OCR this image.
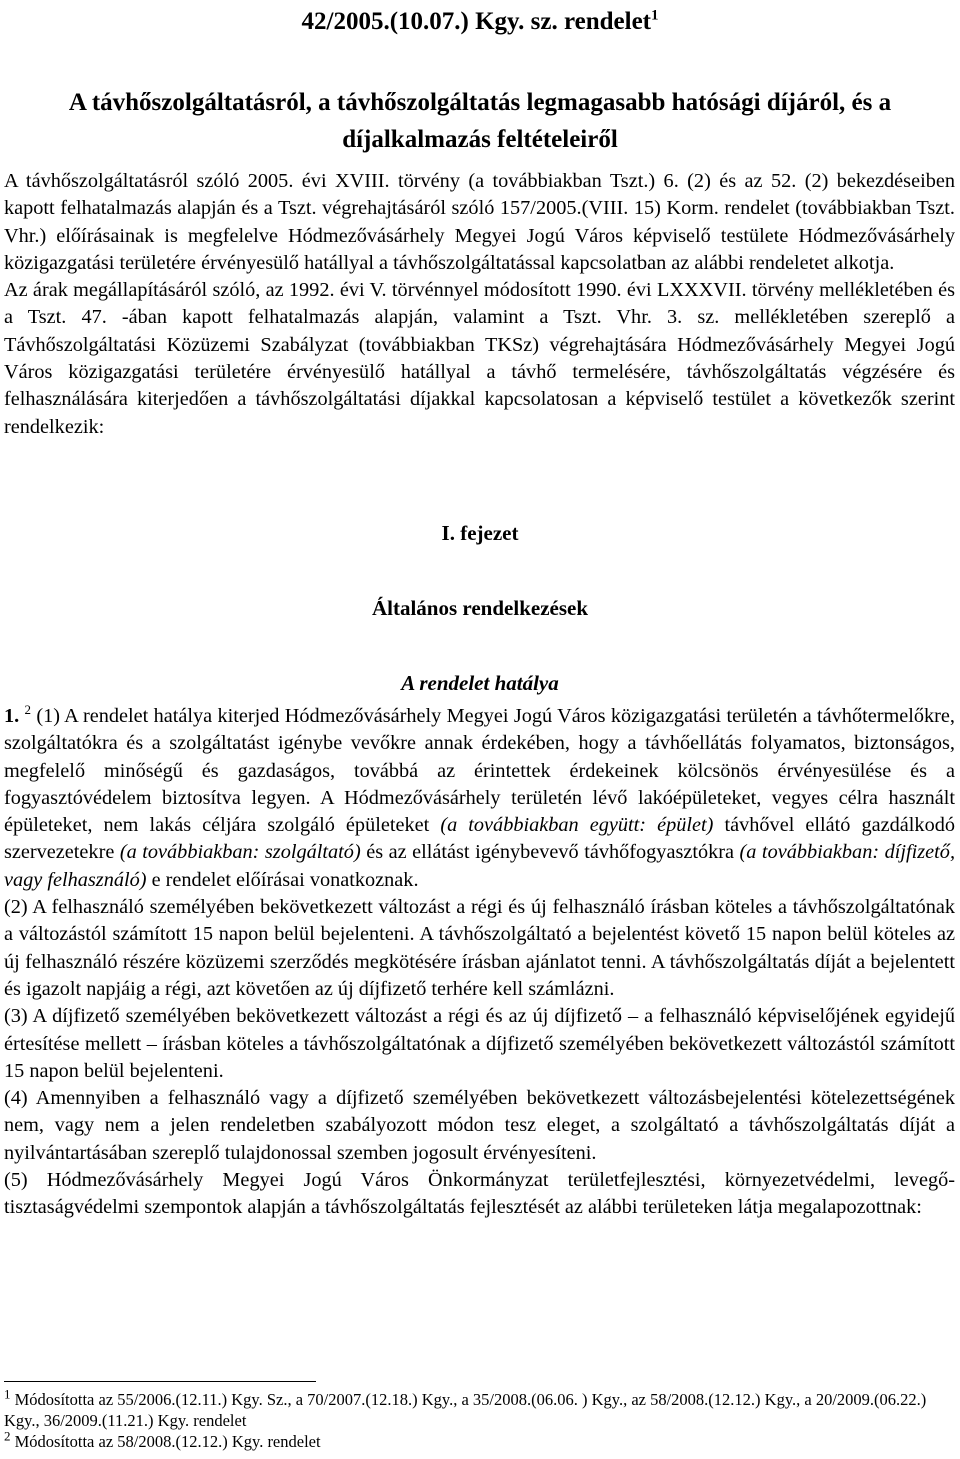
42/2005.(10.07.) Kgy. sz. rendelet$^1$
A távhőszolgáltatásról, a távhőszolgáltatás legmagasabb hatósági díjáról, és a díjalkalmazás feltételeiről

A távhőszolgáltatásról szóló 2005. évi XVIII. törvény (a továbbiakban Tszt.) 6. (2) és az 52. (2) bekezdéseiben kapott felhatalmazás alapján és a Tszt. végrehajtásáról szóló 157/2005.(VIII. 15) Korm. rendelet (továbbiakban Tszt. Vhr.) előírásainak is megfelelve Hódmezővásárhely Megyei Jogú Város képviselő testülete Hódmezővásárhely közigazgatási területére érvényesülő hatállyal a távhőszolgáltatással kapcsolatban az alábbi rendeletet alkotja.

Az árak megállapításáról szóló, az 1992. évi V. törvénnyel módosított 1990. évi LXXXVII. törvény mellékletében és a Tszt. 47. -ában kapott felhatalmazás alapján, valamint a Tszt. Vhr. 3. sz. mellékletében szereplő a Távhőszolgáltatási Közüzemi Szabályzat (továbbiakban TKSz) végrehajtására Hódmezővásárhely Megyei Jogú Város közigazgatási területére érvényesülő hatállyal a távhő termelésére, távhőszolgáltatás végzésére és felhasználására kiterjedően a távhőszolgáltatási díjakkal kapcsolatosan a képviselő testület a következők szerint rendelkezik:

I. fejezet
Általános rendelkezések
A rendelet hatálya

1. $^2$ (1) A rendelet hatálya kiterjed Hódmezővásárhely Megyei Jogú Város közigazgatási területén a távhőtermelőkre, szolgáltatókra és a szolgáltatást igénybe vevőkre annak érdekében, hogy a távhőellátás folyamatos, biztonságos, megfelelő minőségű és gazdaságos, továbbá az érintettek érdekeinek kölcsönös érvényesülése és a fogyasztóvédelem biztosítva legyen. A Hódmezővásárhely területén lévő lakóépületeket, vegyes célra használt épületeket, nem lakás céljára szolgáló épületeket (a továbbiakban együtt: épület) távhővel ellátó gazdálkodó szervezetekre (a továbbiakban: szolgáltató) és az ellátást igénybevevő távhőfogyasztókra (a továbbiakban: díjfizető, vagy felhasználó) e rendelet előírásai vonatkoznak.

(2) A felhasználó személyében bekövetkezett változást a régi és új felhasználó írásban köteles a távhőszolgáltatónak a változástól számított 15 napon belül bejelenteni. A távhőszolgáltató a bejelentést követő 15 napon belül köteles az új felhasználó részére közüzemi szerződés megkötésére írásban ajánlatot tenni. A távhőszolgáltatás díját a bejelentett és igazolt napjáig a régi, azt követően az új díjfizető terhére kell számlázni.

(3) A díjfizető személyében bekövetkezett változást a régi és az új díjfizető – a felhasználó képviselőjének egyidejű értesítése mellett – írásban köteles a távhőszolgáltatónak a díjfizető személyében bekövetkezett változástól számított 15 napon belül bejelenteni.

(4) Amennyiben a felhasználó vagy a díjfizető személyében bekövetkezett változásbejelentési kötelezettségének nem, vagy nem a jelen rendeletben szabályozott módon tesz eleget, a szolgáltató a távhőszolgáltatás díját a nyilvántartásában szereplő tulajdonossal szemben jogosult érvényesíteni.

(5) Hódmezővásárhely Megyei Jogú Város Önkormányzat területfejlesztési, környezetvédelmi, levegő-tisztaságvédelmi szempontok alapján a távhőszolgáltatás fejlesztését az alábbi területeken látja megalapozottnak:

$^1$ Módosította az 55/2006.(12.11.) Kgy. Sz., a 70/2007.(12.18.) Kgy., a 35/2008.(06.06. ) Kgy., az 58/2008.(12.12.) Kgy., a 20/2009.(06.22.) Kgy., 36/2009.(11.21.) Kgy. rendelet
$^2$ Módosította az 58/2008.(12.12.) Kgy. rendelet
